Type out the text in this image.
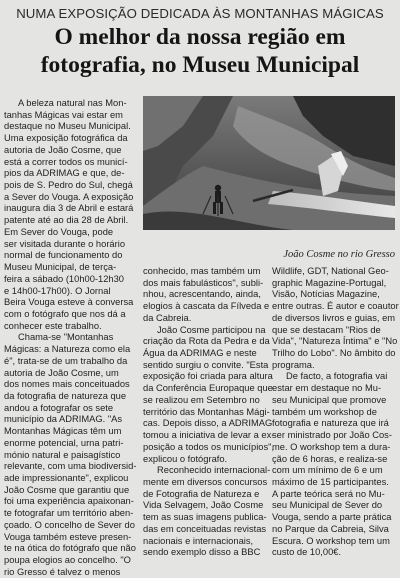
NUMA EXPOSIÇÃO DEDICADA ÀS MONTANHAS MÁGICAS
O melhor da nossa região em
fotografia, no Museu Municipal
João Cosme no rio Gresso
A beleza natural nas Mon-
tanhas Mágicas vai estar em
destaque no Museu Municipal.
Uma exposição fotográfica da
autoria de João Cosme, que
está a correr todos os municí-
pios da ADRIMAG e que, de-
pois de S. Pedro do Sul, chegá
a Sever do Vouga. A exposição
inaugura dia 3 de Abril e estará
patente até ao dia 28 de Abril.
Em Sever do Vouga, pode
ser visitada durante o horário
normal de funcionamento do
Museu Municipal, de terça-
feira a sábado (10h00-12h30
e 14h00-17h00). O Jornal
Beira Vouga esteve à conversa
com o fotógrafo que nos dá a
conhecer este trabalho.
Chama-se "Montanhas
Mágicas: a Natureza como ela
é", trata-se de um trabalho da
autoria de João Cosme, um
dos nomes mais conceituados
da fotografia de natureza que
andou a fotografar os sete
município da ADRIMAG. "As
Montanhas Mágicas têm um
enorme potencial, urna patri-
mónio natural e paisagístico
relevante, com uma biodiversid-
ade impressionante", explicou
João Cosme que garantiu que
foi uma experiência apaixonan-
te fotografar um território aben-
çoado. O concelho de Sever do
Vouga também esteve presen-
te na ótica do fotógrafo que não
poupa elogios ao concelho. "O
rio Gresso é talvez o menos
conhecido, mas também um
dos mais fabulásticos", subli-
nhou, acrescentando, ainda,
elogios à cascata da Fílveda e
da Cabreia.
João Cosme participou na
criação da Rota da Pedra e da
Água da ADRIMAG e neste
sentido surgiu o convite. "Esta
exposição foi criada para altura
da Conferência Europaque que
se realizou em Setembro no
território das Montanhas Mági-
cas. Depois disso, a ADRIMAG
tomou a iniciativa de levar a ex-
posição a todos os municípios",
explicou o fotógrafo.
Reconhecido internacional-
mente em diversos concursos
de Fotografia de Natureza e
Vida Selvagem, João Cosme
tem as suas imagens publica-
das em conceituadas revistas
nacionais e internacionais,
sendo exemplo disso a BBC
Wildlife, GDT, National Geo-
graphic Magazine-Portugal,
Visão, Notícias Magazine,
entre outras. É autor e coautor
de diversos livros e guias, em
que se destacam "Rios de
Vida", "Natureza Íntima" e "No
Trilho do Lobo". No âmbito do
programa.
De facto, a fotografia vai
estar em destaque no Mu-
seu Municipal que promove
também um workshop de
fotografia e natureza que irá
ser ministrado por João Cos-
me. O workshop tem a dura-
ção de 6 horas, e realiza-se
com um mínimo de 6 e um
máximo de 15 participantes.
A parte teórica será no Mu-
seu Municipal de Sever do
Vouga, sendo a parte prática
no Parque da Cabreia, Silva
Escura. O workshop tem um
custo de 10,00€.
